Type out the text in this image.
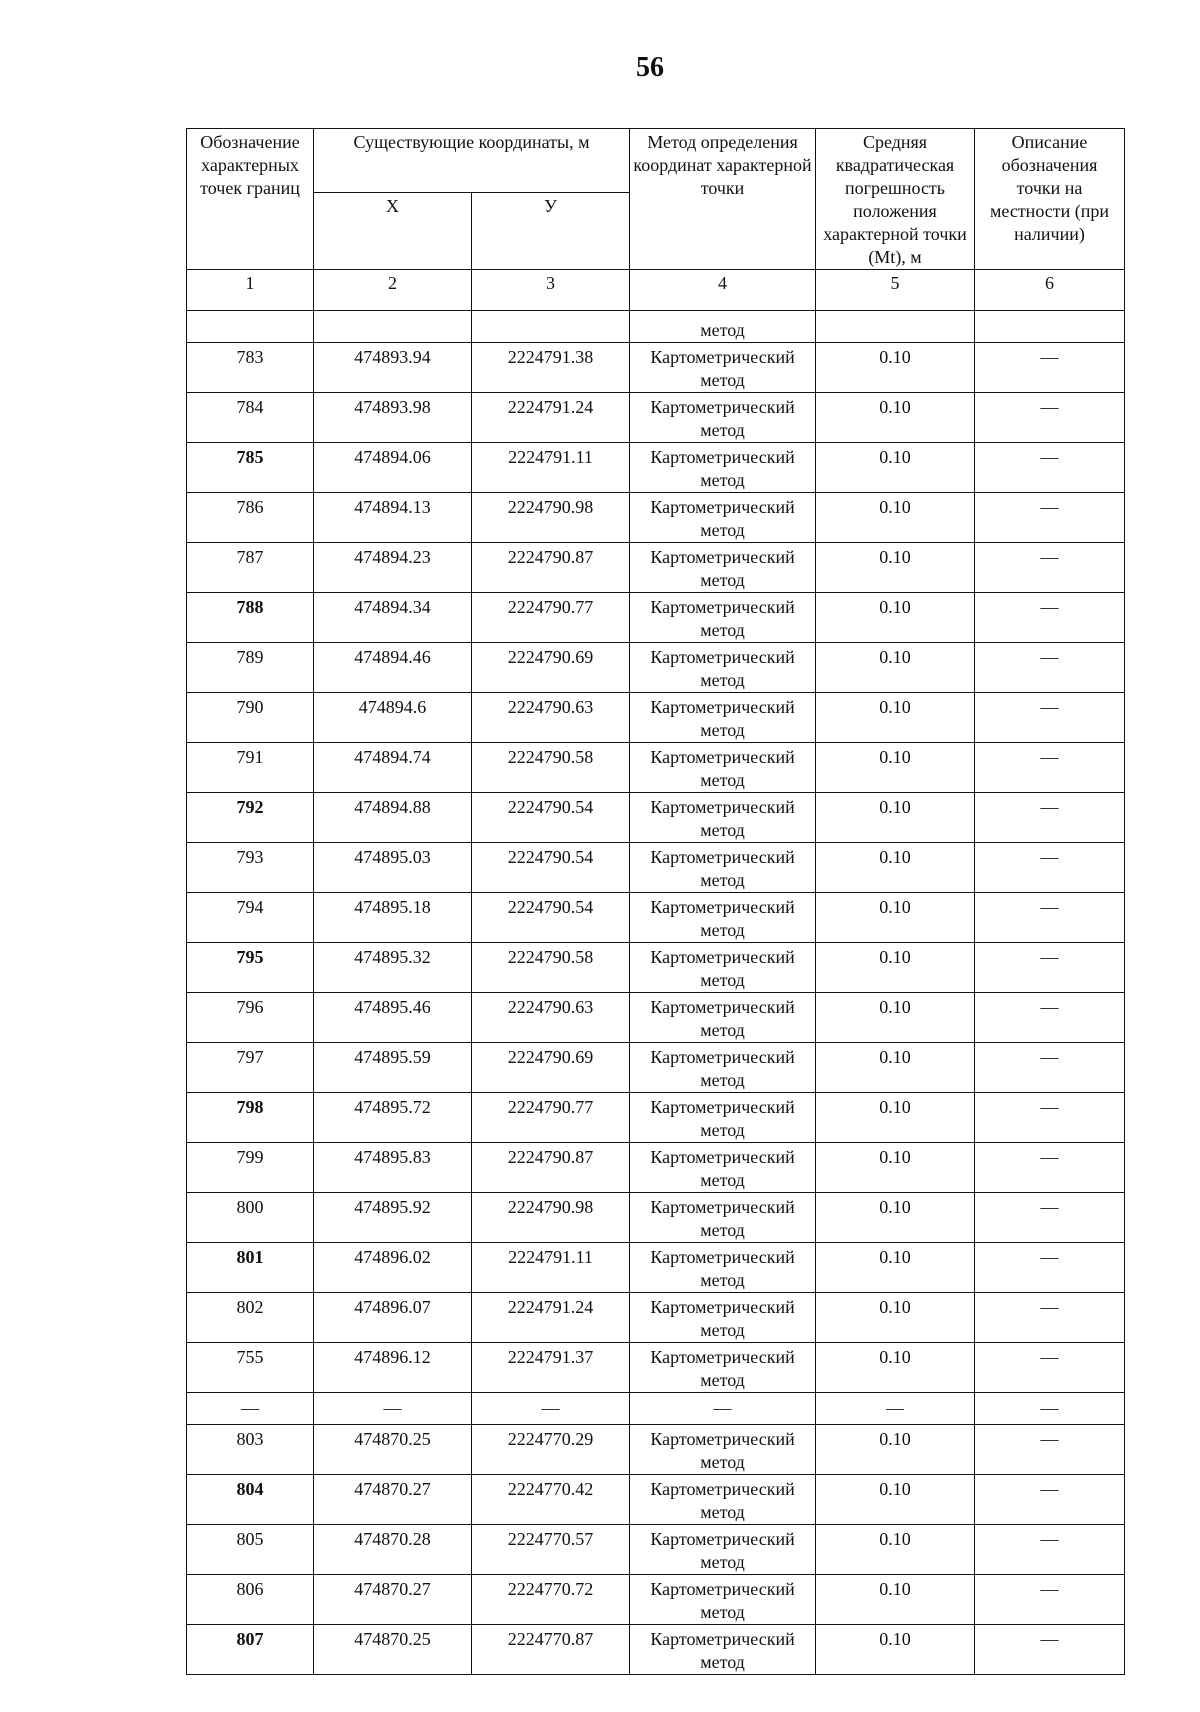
56
Обозначение характерных точек границ	Существующие координаты, м		Метод определения координат характерной точки	Средняя квадратическая погрешность положения характерной точки (Mt), м	Описание обозначения точки на местности (при наличии)
	X	У			
1	2	3	4	5	6
			метод		
783	474893.94	2224791.38	Картометрический метод	0.10	—
784	474893.98	2224791.24	Картометрический метод	0.10	—
785	474894.06	2224791.11	Картометрический метод	0.10	—
786	474894.13	2224790.98	Картометрический метод	0.10	—
787	474894.23	2224790.87	Картометрический метод	0.10	—
788	474894.34	2224790.77	Картометрический метод	0.10	—
789	474894.46	2224790.69	Картометрический метод	0.10	—
790	474894.6	2224790.63	Картометрический метод	0.10	—
791	474894.74	2224790.58	Картометрический метод	0.10	—
792	474894.88	2224790.54	Картометрический метод	0.10	—
793	474895.03	2224790.54	Картометрический метод	0.10	—
794	474895.18	2224790.54	Картометрический метод	0.10	—
795	474895.32	2224790.58	Картометрический метод	0.10	—
796	474895.46	2224790.63	Картометрический метод	0.10	—
797	474895.59	2224790.69	Картометрический метод	0.10	—
798	474895.72	2224790.77	Картометрический метод	0.10	—
799	474895.83	2224790.87	Картометрический метод	0.10	—
800	474895.92	2224790.98	Картометрический метод	0.10	—
801	474896.02	2224791.11	Картометрический метод	0.10	—
802	474896.07	2224791.24	Картометрический метод	0.10	—
755	474896.12	2224791.37	Картометрический метод	0.10	—
—	—	—	—	—	—
803	474870.25	2224770.29	Картометрический метод	0.10	—
804	474870.27	2224770.42	Картометрический метод	0.10	—
805	474870.28	2224770.57	Картометрический метод	0.10	—
806	474870.27	2224770.72	Картометрический метод	0.10	—
807	474870.25	2224770.87	Картометрический метод	0.10	—
